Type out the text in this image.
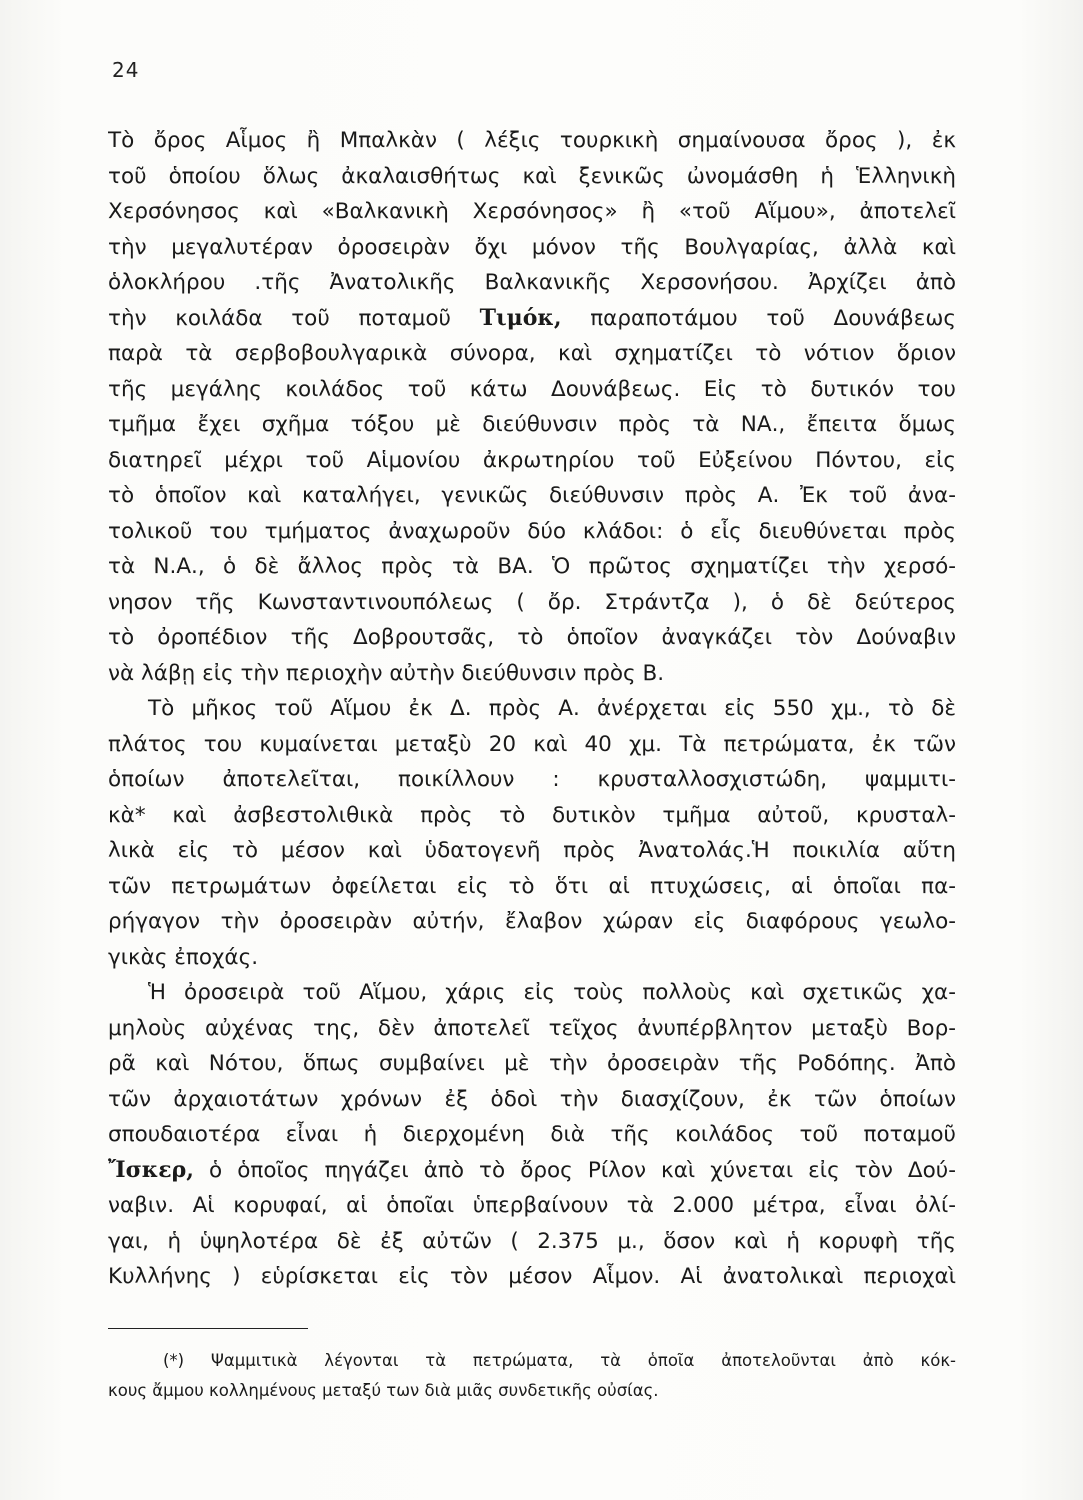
24
Τὸ ὄρος Αἷμος ἢ Μπαλκὰν ( λέξις τουρκικὴ σημαίνουσα ὄρος ), ἐκ
τοῦ ὁποίου ὅλως ἀκαλαισθήτως καὶ ξενικῶς ὠνομάσθη ἡ Ἑλληνικὴ
Χερσόνησος καὶ «Βαλκανικὴ Χερσόνησος» ἢ «τοῦ Αἵμου», ἀποτελεῖ
τὴν μεγαλυτέραν ὀροσειρὰν ὄχι μόνον τῆς Βουλγαρίας, ἀλλὰ καὶ
ὁλοκλήρου .τῆς Ἀνατολικῆς Βαλκανικῆς Χερσονήσου. Ἀρχίζει ἀπὸ
τὴν κοιλάδα τοῦ ποταμοῦ Τιμόκ, παραποτάμου τοῦ Δουνάβεως
παρὰ τὰ σερβοβουλγαρικὰ σύνορα, καὶ σχηματίζει τὸ νότιον ὅριον
τῆς μεγάλης κοιλάδος τοῦ κάτω Δουνάβεως. Εἰς τὸ δυτικόν του
τμῆμα ἔχει σχῆμα τόξου μὲ διεύθυνσιν πρὸς τὰ ΝΑ., ἔπειτα ὅμως
διατηρεῖ μέχρι τοῦ Αἱμονίου ἀκρωτηρίου τοῦ Εὐξείνου Πόντου, εἰς
τὸ ὁποῖον καὶ καταλήγει, γενικῶς διεύθυνσιν πρὸς Α. Ἐκ τοῦ ἀνα-
τολικοῦ του τμήματος ἀναχωροῦν δύο κλάδοι: ὁ εἷς διευθύνεται πρὸς
τὰ Ν.Α., ὁ δὲ ἄλλος πρὸς τὰ ΒΑ. Ὁ πρῶτος σχηματίζει τὴν χερσό-
νησον τῆς Κωνσταντινουπόλεως ( ὄρ. Στράντζα ), ὁ δὲ δεύτερος
τὸ ὀροπέδιον τῆς Δοβρουτσᾶς, τὸ ὁποῖον ἀναγκάζει τὸν Δούναβιν
νὰ λάβῃ εἰς τὴν περιοχὴν αὐτὴν διεύθυνσιν πρὸς Β.
Τὸ μῆκος τοῦ Αἵμου ἐκ Δ. πρὸς Α. ἀνέρχεται εἰς 550 χμ., τὸ δὲ
πλάτος του κυμαίνεται μεταξὺ 20 καὶ 40 χμ. Τὰ πετρώματα, ἐκ τῶν
ὁποίων ἀποτελεῖται, ποικίλλουν : κρυσταλλοσχιστώδη, ψαμμιτι-
κὰ* καὶ ἀσβεστολιθικὰ πρὸς τὸ δυτικὸν τμῆμα αὐτοῦ, κρυσταλ-
λικὰ εἰς τὸ μέσον καὶ ὑδατογενῆ πρὸς Ἀνατολάς.Ἡ ποικιλία αὕτη
τῶν πετρωμάτων ὀφείλεται εἰς τὸ ὅτι αἱ πτυχώσεις, αἱ ὁποῖαι πα-
ρήγαγον τὴν ὀροσειρὰν αὐτήν, ἔλαβον χώραν εἰς διαφόρους γεωλο-
γικὰς ἐποχάς.
Ἡ ὀροσειρὰ τοῦ Αἵμου, χάρις εἰς τοὺς πολλοὺς καὶ σχετικῶς χα-
μηλοὺς αὐχένας της, δὲν ἀποτελεῖ τεῖχος ἀνυπέρβλητον μεταξὺ Βορ-
ρᾶ καὶ Νότου, ὅπως συμβαίνει μὲ τὴν ὀροσειρὰν τῆς Ροδόπης. Ἀπὸ
τῶν ἀρχαιοτάτων χρόνων ἐξ ὁδοὶ τὴν διασχίζουν, ἐκ τῶν ὁποίων
σπουδαιοτέρα εἶναι ἡ διερχομένη διὰ τῆς κοιλάδος τοῦ ποταμοῦ
Ἴσκερ, ὁ ὁποῖος πηγάζει ἀπὸ τὸ ὄρος Ρίλον καὶ χύνεται εἰς τὸν Δού-
ναβιν. Αἱ κορυφαί, αἱ ὁποῖαι ὑπερβαίνουν τὰ 2.000 μέτρα, εἶναι ὀλί-
γαι, ἡ ὑψηλοτέρα δὲ ἐξ αὐτῶν ( 2.375 μ., ὅσον καὶ ἡ κορυφὴ τῆς
Κυλλήνης ) εὑρίσκεται εἰς τὸν μέσον Αἷμον. Αἱ ἀνατολικαὶ περιοχαὶ
(*) Ψαμμιτικὰ λέγονται τὰ πετρώματα, τὰ ὁποῖα ἀποτελοῦνται ἀπὸ κόκ-
κους ἄμμου κολλημένους μεταξύ των διὰ μιᾶς συνδετικῆς οὐσίας.
